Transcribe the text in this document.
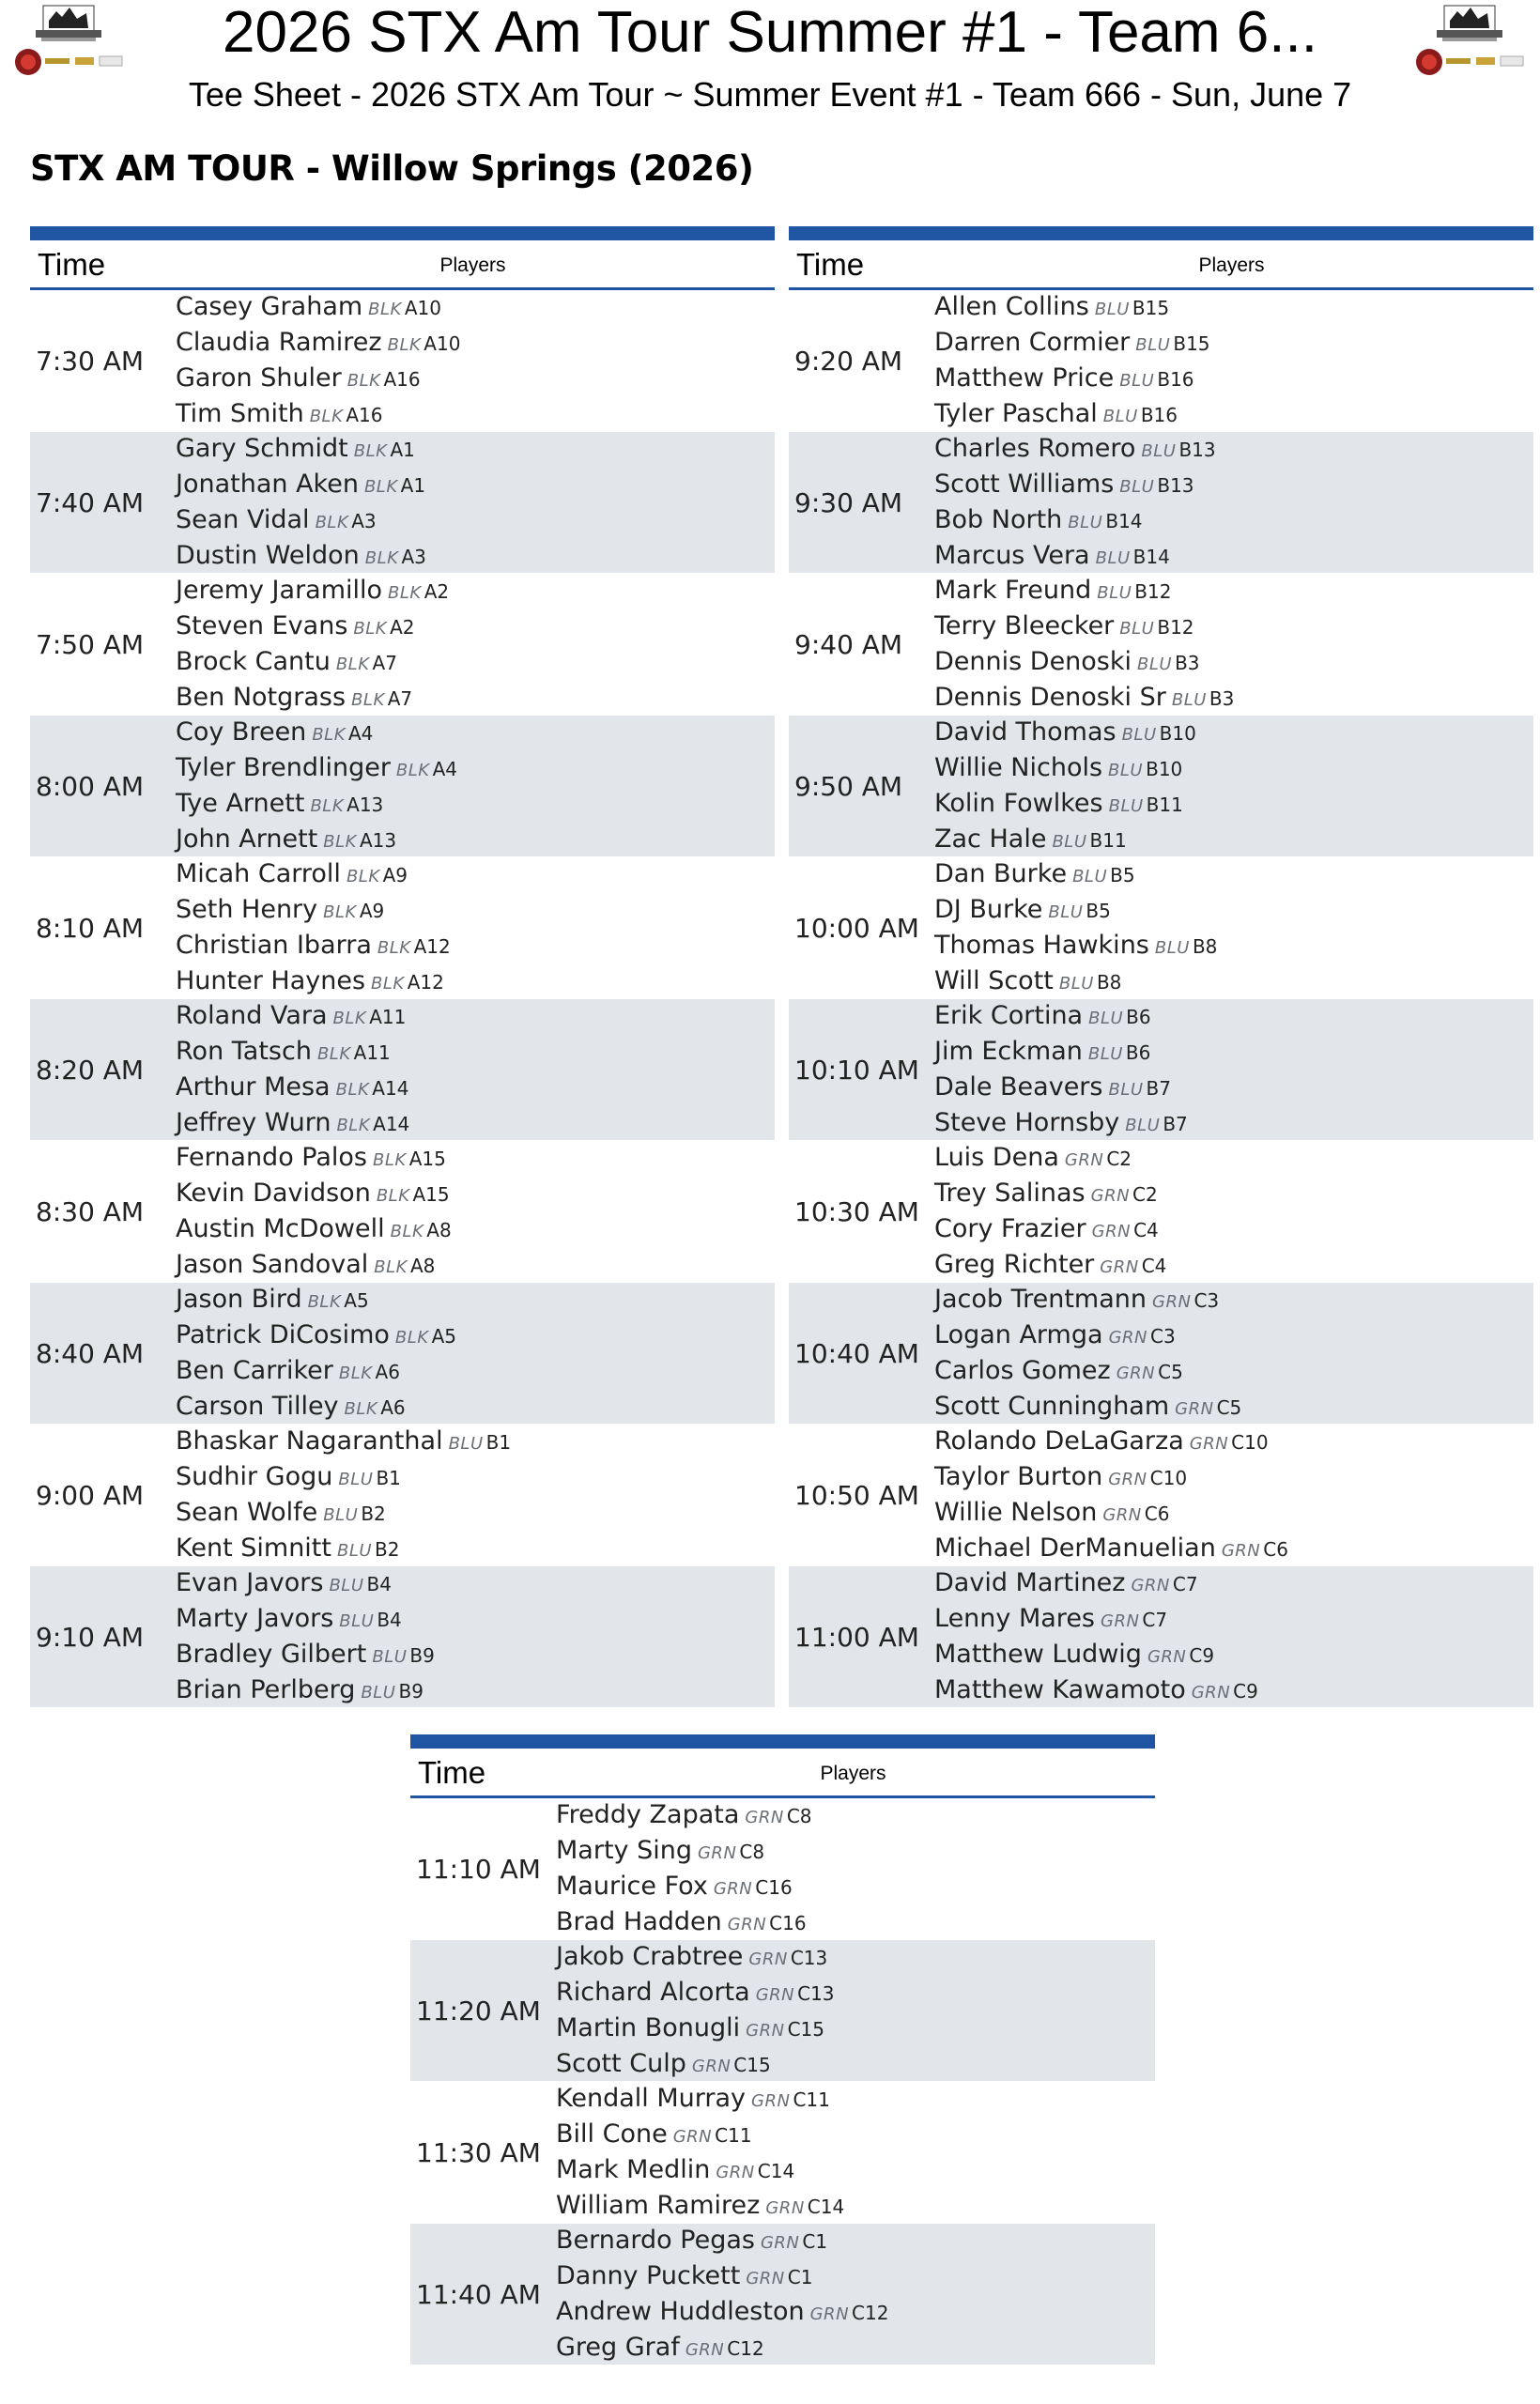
2026 STX Am Tour Summer #1 - Team 6...
Tee Sheet - 2026 STX Am Tour ~ Summer Event #1 - Team 666 - Sun, June 7
STX AM TOUR - Willow Springs (2026)
Time	Players
7:30 AM
Casey Graham BLK A10
Claudia Ramirez BLK A10
Garon Shuler BLK A16
Tim Smith BLK A16
7:40 AM
Gary Schmidt BLK A1
Jonathan Aken BLK A1
Sean Vidal BLK A3
Dustin Weldon BLK A3
7:50 AM
Jeremy Jaramillo BLK A2
Steven Evans BLK A2
Brock Cantu BLK A7
Ben Notgrass BLK A7
8:00 AM
Coy Breen BLK A4
Tyler Brendlinger BLK A4
Tye Arnett BLK A13
John Arnett BLK A13
8:10 AM
Micah Carroll BLK A9
Seth Henry BLK A9
Christian Ibarra BLK A12
Hunter Haynes BLK A12
8:20 AM
Roland Vara BLK A11
Ron Tatsch BLK A11
Arthur Mesa BLK A14
Jeffrey Wurn BLK A14
8:30 AM
Fernando Palos BLK A15
Kevin Davidson BLK A15
Austin McDowell BLK A8
Jason Sandoval BLK A8
8:40 AM
Jason Bird BLK A5
Patrick DiCosimo BLK A5
Ben Carriker BLK A6
Carson Tilley BLK A6
9:00 AM
Bhaskar Nagaranthal BLU B1
Sudhir Gogu BLU B1
Sean Wolfe BLU B2
Kent Simnitt BLU B2
9:10 AM
Evan Javors BLU B4
Marty Javors BLU B4
Bradley Gilbert BLU B9
Brian Perlberg BLU B9
Time	Players
9:20 AM
Allen Collins BLU B15
Darren Cormier BLU B15
Matthew Price BLU B16
Tyler Paschal BLU B16
9:30 AM
Charles Romero BLU B13
Scott Williams BLU B13
Bob North BLU B14
Marcus Vera BLU B14
9:40 AM
Mark Freund BLU B12
Terry Bleecker BLU B12
Dennis Denoski BLU B3
Dennis Denoski Sr BLU B3
9:50 AM
David Thomas BLU B10
Willie Nichols BLU B10
Kolin Fowlkes BLU B11
Zac Hale BLU B11
10:00 AM
Dan Burke BLU B5
DJ Burke BLU B5
Thomas Hawkins BLU B8
Will Scott BLU B8
10:10 AM
Erik Cortina BLU B6
Jim Eckman BLU B6
Dale Beavers BLU B7
Steve Hornsby BLU B7
10:30 AM
Luis Dena GRN C2
Trey Salinas GRN C2
Cory Frazier GRN C4
Greg Richter GRN C4
10:40 AM
Jacob Trentmann GRN C3
Logan Armga GRN C3
Carlos Gomez GRN C5
Scott Cunningham GRN C5
10:50 AM
Rolando DeLaGarza GRN C10
Taylor Burton GRN C10
Willie Nelson GRN C6
Michael DerManuelian GRN C6
11:00 AM
David Martinez GRN C7
Lenny Mares GRN C7
Matthew Ludwig GRN C9
Matthew Kawamoto GRN C9
Time	Players
11:10 AM
Freddy Zapata GRN C8
Marty Sing GRN C8
Maurice Fox GRN C16
Brad Hadden GRN C16
11:20 AM
Jakob Crabtree GRN C13
Richard Alcorta GRN C13
Martin Bonugli GRN C15
Scott Culp GRN C15
11:30 AM
Kendall Murray GRN C11
Bill Cone GRN C11
Mark Medlin GRN C14
William Ramirez GRN C14
11:40 AM
Bernardo Pegas GRN C1
Danny Puckett GRN C1
Andrew Huddleston GRN C12
Greg Graf GRN C12
